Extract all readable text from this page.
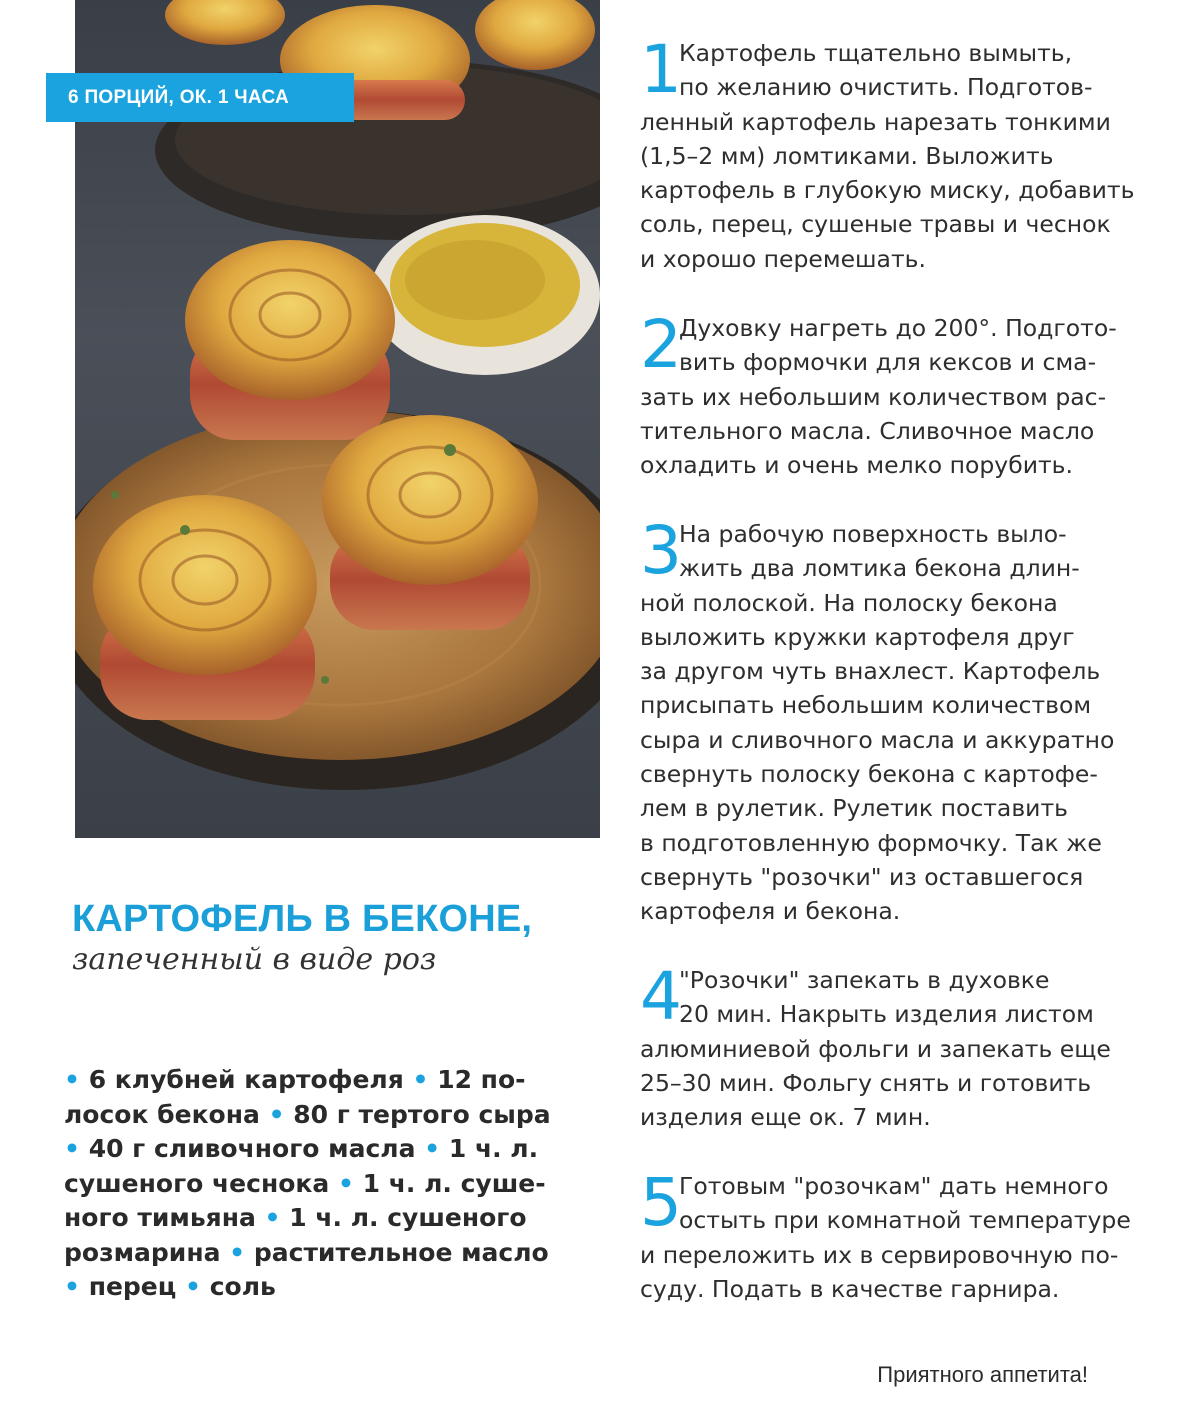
6 ПОРЦИЙ, ОК. 1 ЧАСА
КАРТОФЕЛЬ В БЕКОНЕ,
запеченный в виде роз
• 6 клубней картофеля • 12 по-
лосок бекона • 80 г тертого сыра
• 40 г сливочного масла • 1 ч. л.
сушеного чеснока • 1 ч. л. суше-
ного тимьяна • 1 ч. л. сушеного
розмарина • растительное масло
• перец • соль
1
Картофель тщательно вымыть,
по желанию очистить. Подготов-
ленный картофель нарезать тонкими
(1,5–2 мм) ломтиками. Выложить
картофель в глубокую миску, добавить
соль, перец, сушеные травы и чеснок
и хорошо перемешать.
2
Духовку нагреть до 200°. Подгото-
вить формочки для кексов и сма-
зать их небольшим количеством рас-
тительного масла. Сливочное масло
охладить и очень мелко порубить.
3
На рабочую поверхность выло-
жить два ломтика бекона длин-
ной полоской. На полоску бекона
выложить кружки картофеля друг
за другом чуть внахлест. Картофель
присыпать небольшим количеством
сыра и сливочного масла и аккуратно
свернуть полоску бекона с картофе-
лем в рулетик. Рулетик поставить
в подготовленную формочку. Так же
свернуть "розочки" из оставшегося
картофеля и бекона.
4
"Розочки" запекать в духовке
20 мин. Накрыть изделия листом
алюминиевой фольги и запекать еще
25–30 мин. Фольгу снять и готовить
изделия еще ок. 7 мин.
5
Готовым "розочкам" дать немного
остыть при комнатной температуре
и переложить их в сервировочную по-
суду. Подать в качестве гарнира.
Приятного аппетита!
